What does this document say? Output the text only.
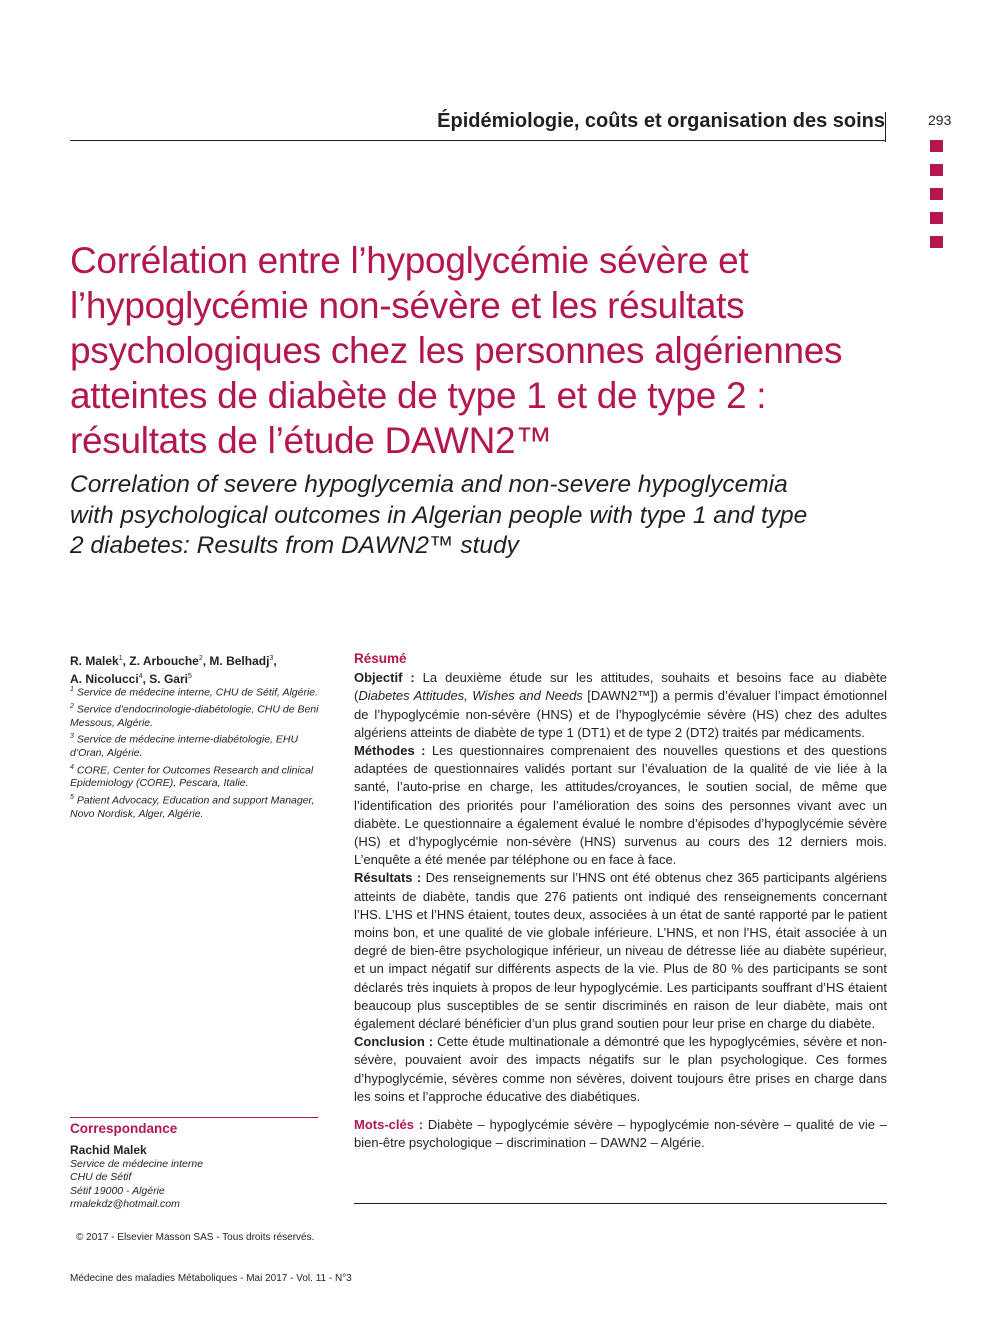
Épidémiologie, coûts et organisation des soins	293
Corrélation entre l’hypoglycémie sévère et
l’hypoglycémie non-sévère et les résultats
psychologiques chez les personnes algériennes
atteintes de diabète de type 1 et de type 2 :
résultats de l’étude DAWN2™
Correlation of severe hypoglycemia and non-severe hypoglycemia
with psychological outcomes in Algerian people with type 1 and type
2 diabetes: Results from DAWN2™ study
R. Malek$^1$, Z. Arbouche$^2$, M. Belhadj$^3$,
A. Nicolucci$^4$, S. Gari$^5$
$^1$ Service de médecine interne, CHU de Sétif, Algérie.
$^2$ Service d’endocrinologie-diabétologie, CHU de Beni Messous, Algérie.
$^3$ Service de médecine interne-diabétologie, EHU d’Oran, Algérie.
$^4$ CORE, Center for Outcomes Research and clinical Epidemiology (CORE), Pescara, Italie.
$^5$ Patient Advocacy, Education and support Manager, Novo Nordisk, Alger, Algérie.
Correspondance
Rachid Malek
Service de médecine interne
CHU de Sétif
Sétif 19000 - Algérie
rmalekdz@hotmail.com
© 2017 - Elsevier Masson SAS - Tous droits réservés.
Médecine des maladies Métaboliques - Mai 2017 - Vol. 11 - N°3
Résumé

Objectif : La deuxième étude sur les attitudes, souhaits et besoins face au diabète (Diabetes Attitudes, Wishes and Needs [DAWN2™]) a permis d’évaluer l’impact émotionnel de l’hypoglycémie non-sévère (HNS) et de l’hypoglycémie sévère (HS) chez des adultes algériens atteints de diabète de type 1 (DT1) et de type 2 (DT2) traités par médicaments.

Méthodes : Les questionnaires comprenaient des nouvelles questions et des questions adaptées de questionnaires validés portant sur l’évaluation de la qualité de vie liée à la santé, l’auto-prise en charge, les attitudes/croyances, le soutien social, de même que l’identification des priorités pour l’amélioration des soins des personnes vivant avec un diabète. Le questionnaire a également évalué le nombre d’épisodes d’hypoglycémie sévère (HS) et d’hypoglycémie non-sévère (HNS) survenus au cours des 12 derniers mois. L’enquête a été menée par téléphone ou en face à face.

Résultats : Des renseignements sur l’HNS ont été obtenus chez 365 participants algériens atteints de diabète, tandis que 276 patients ont indiqué des renseignements concernant l’HS. L’HS et l’HNS étaient, toutes deux, associées à un état de santé rapporté par le patient moins bon, et une qualité de vie globale inférieure. L’HNS, et non l’HS, était associée à un degré de bien-être psychologique inférieur, un niveau de détresse liée au diabète supérieur, et un impact négatif sur différents aspects de la vie. Plus de 80 % des participants se sont déclarés très inquiets à propos de leur hypoglycémie. Les participants souffrant d’HS étaient beaucoup plus susceptibles de se sentir discriminés en raison de leur diabète, mais ont également déclaré bénéficier d’un plus grand soutien pour leur prise en charge du diabète.

Conclusion : Cette étude multinationale a démontré que les hypoglycémies, sévère et non-sévère, pouvaient avoir des impacts négatifs sur le plan psychologique. Ces formes d’hypoglycémie, sévères comme non sévères, doivent toujours être prises en charge dans les soins et l’approche éducative des diabétiques.

Mots-clés : Diabète – hypoglycémie sévère – hypoglycémie non-sévère – qualité de vie – bien-être psychologique – discrimination – DAWN2 – Algérie.
